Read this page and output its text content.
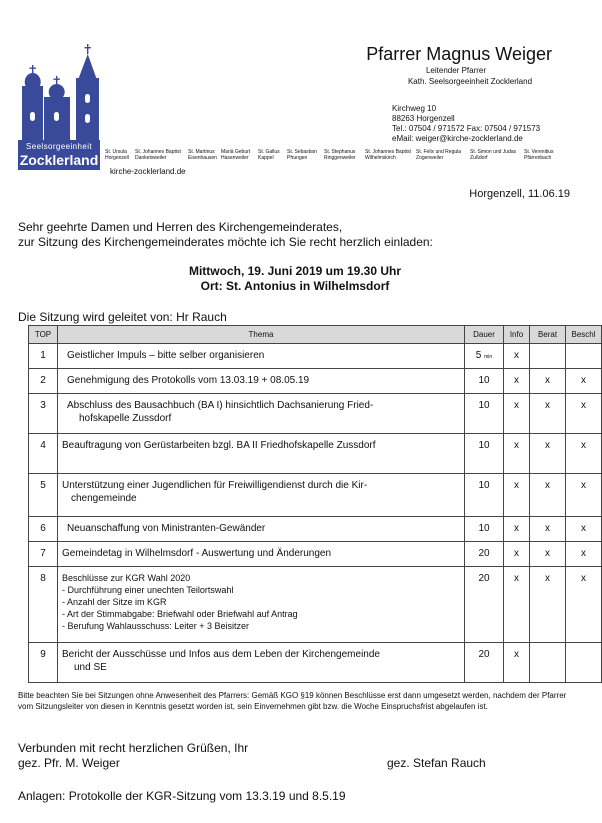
Seelsorgeeinheit
Zocklerland
kirche-zocklerland.de
Pfarrer Magnus Weiger
Leitender Pfarrer
Kath. Seelsorgeeinheit Zocklerland
Kirchweg 10
88263 Horgenzell
Tel.: 07504 / 971572 Fax: 07504 / 971573
eMail: weiger@kirche-zocklerland.de
St. Ursula
Horgenzell
St. Johannes Baptist
Danketsweiler
St. Martinus
Eisenhausen
Mariä Geburt
Hasenweiler
St. Gallus
Kappel
St. Sebastian
Pfrungen
St. Stephanus
Ringgenweiler
St. Johannes Baptist
Wilhelmskirch
St. Felix und Regula
Zogenweiler
St. Simon und Judas
Zußdorf
St. Verenitius
Pfärrenbach
Horgenzell, 11.06.19
Sehr geehrte Damen und Herren des Kirchengemeinderates,
zur Sitzung des Kirchengemeinderates möchte ich Sie recht herzlich einladen:
Mittwoch, 19. Juni 2019 um 19.30 Uhr
Ort: St. Antonius in Wilhelmsdorf
Die Sitzung wird geleitet von: Hr Rauch
TOP	Thema	Dauer	Info	Berat	Beschl
1	Geistlicher Impuls – bitte selber organisieren	5 min	x		
2	Genehmigung des Protokolls vom 13.03.19 + 08.05.19	10	x	x	x
3	Abschluss des Bausachbuch (BA I) hinsichtlich Dachsanierung Fried-
hofskapelle Zussdorf	10	x	x	x
4	Beauftragung von Gerüstarbeiten bzgl. BA II Friedhofskapelle Zussdorf	10	x	x	x
5	Unterstützung einer Jugendlichen für Freiwilligendienst durch die Kir-
chengemeinde	10	x	x	x
6	Neuanschaffung von Ministranten-Gewänder	10	x	x	x
7	Gemeindetag in Wilhelmsdorf - Auswertung und Änderungen	20	x	x	x
8	Beschlüsse zur KGR Wahl 2020
- Durchführung einer unechten Teilortswahl
- Anzahl der Sitze im KGR
- Art der Stimmabgabe: Briefwahl oder Briefwahl auf Antrag
- Berufung Wahlausschuss: Leiter + 3 Beisitzer	20	x	x	x
9	Bericht der Ausschüsse und Infos aus dem Leben der Kirchengemeinde
und SE	20	x		
Bitte beachten Sie bei Sitzungen ohne Anwesenheit des Pfarrers: Gemäß KGO §19 können Beschlüsse erst dann umgesetzt werden, nachdem der Pfarrer vom Sitzungsleiter von diesen in Kenntnis gesetzt worden ist, sein Einvernehmen gibt bzw. die Woche Einspruchsfrist abgelaufen ist.
Verbunden mit recht herzlichen Grüßen, Ihr
gez. Pfr. M. Weiger	gez. Stefan Rauch
Anlagen: Protokolle der KGR-Sitzung vom 13.3.19 und 8.5.19
